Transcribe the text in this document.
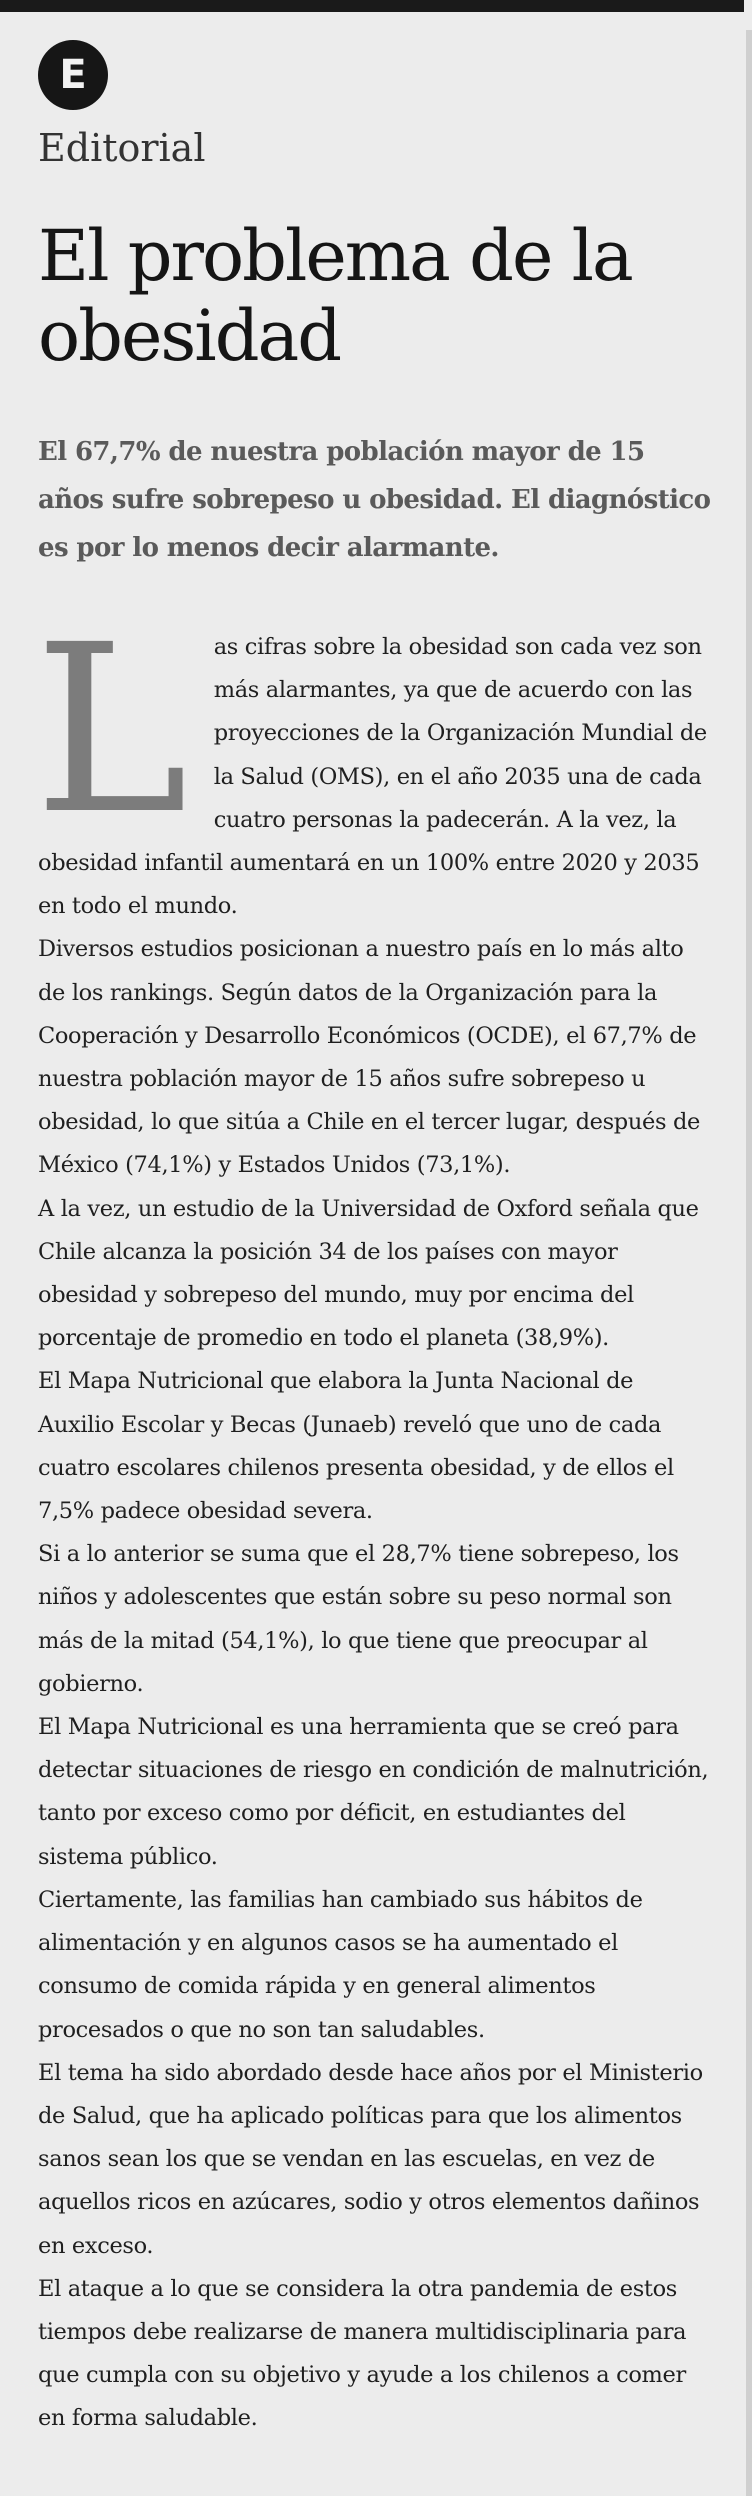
E
Editorial
El problema de la obesidad
El 67,7% de nuestra población mayor de 15 años sufre sobrepeso u obesidad. El diagnóstico es por lo menos decir alarmante.

L as cifras sobre la obesidad son cada vez son más alarmantes, ya que de acuerdo con las proyecciones de la Organización Mundial de la Salud (OMS), en el año 2035 una de cada cuatro personas la padecerán. A la vez, la obesidad infantil aumentará en un 100% entre 2020 y 2035 en todo el mundo.

Diversos estudios posicionan a nuestro país en lo más alto de los rankings. Según datos de la Organización para la Cooperación y Desarrollo Económicos (OCDE), el 67,7% de nuestra población mayor de 15 años sufre sobrepeso u obesidad, lo que sitúa a Chile en el tercer lugar, después de México (74,1%) y Estados Unidos (73,1%).

A la vez, un estudio de la Universidad de Oxford señala que Chile alcanza la posición 34 de los países con mayor obesidad y sobrepeso del mundo, muy por encima del porcentaje de promedio en todo el planeta (38,9%).

El Mapa Nutricional que elabora la Junta Nacional de Auxilio Escolar y Becas (Junaeb) reveló que uno de cada cuatro escolares chilenos presenta obesidad, y de ellos el 7,5% padece obesidad severa.

Si a lo anterior se suma que el 28,7% tiene sobrepeso, los niños y adolescentes que están sobre su peso normal son más de la mitad (54,1%), lo que tiene que preocupar al gobierno.

El Mapa Nutricional es una herramienta que se creó para detectar situaciones de riesgo en condición de malnutrición, tanto por exceso como por déficit, en estudiantes del sistema público.

Ciertamente, las familias han cambiado sus hábitos de alimentación y en algunos casos se ha aumentado el consumo de comida rápida y en general alimentos procesados o que no son tan saludables.

El tema ha sido abordado desde hace años por el Ministerio de Salud, que ha aplicado políticas para que los alimentos sanos sean los que se vendan en las escuelas, en vez de aquellos ricos en azúcares, sodio y otros elementos dañinos en exceso.

El ataque a lo que se considera la otra pandemia de estos tiempos debe realizarse de manera multidisciplinaria para que cumpla con su objetivo y ayude a los chilenos a comer en forma saludable.
